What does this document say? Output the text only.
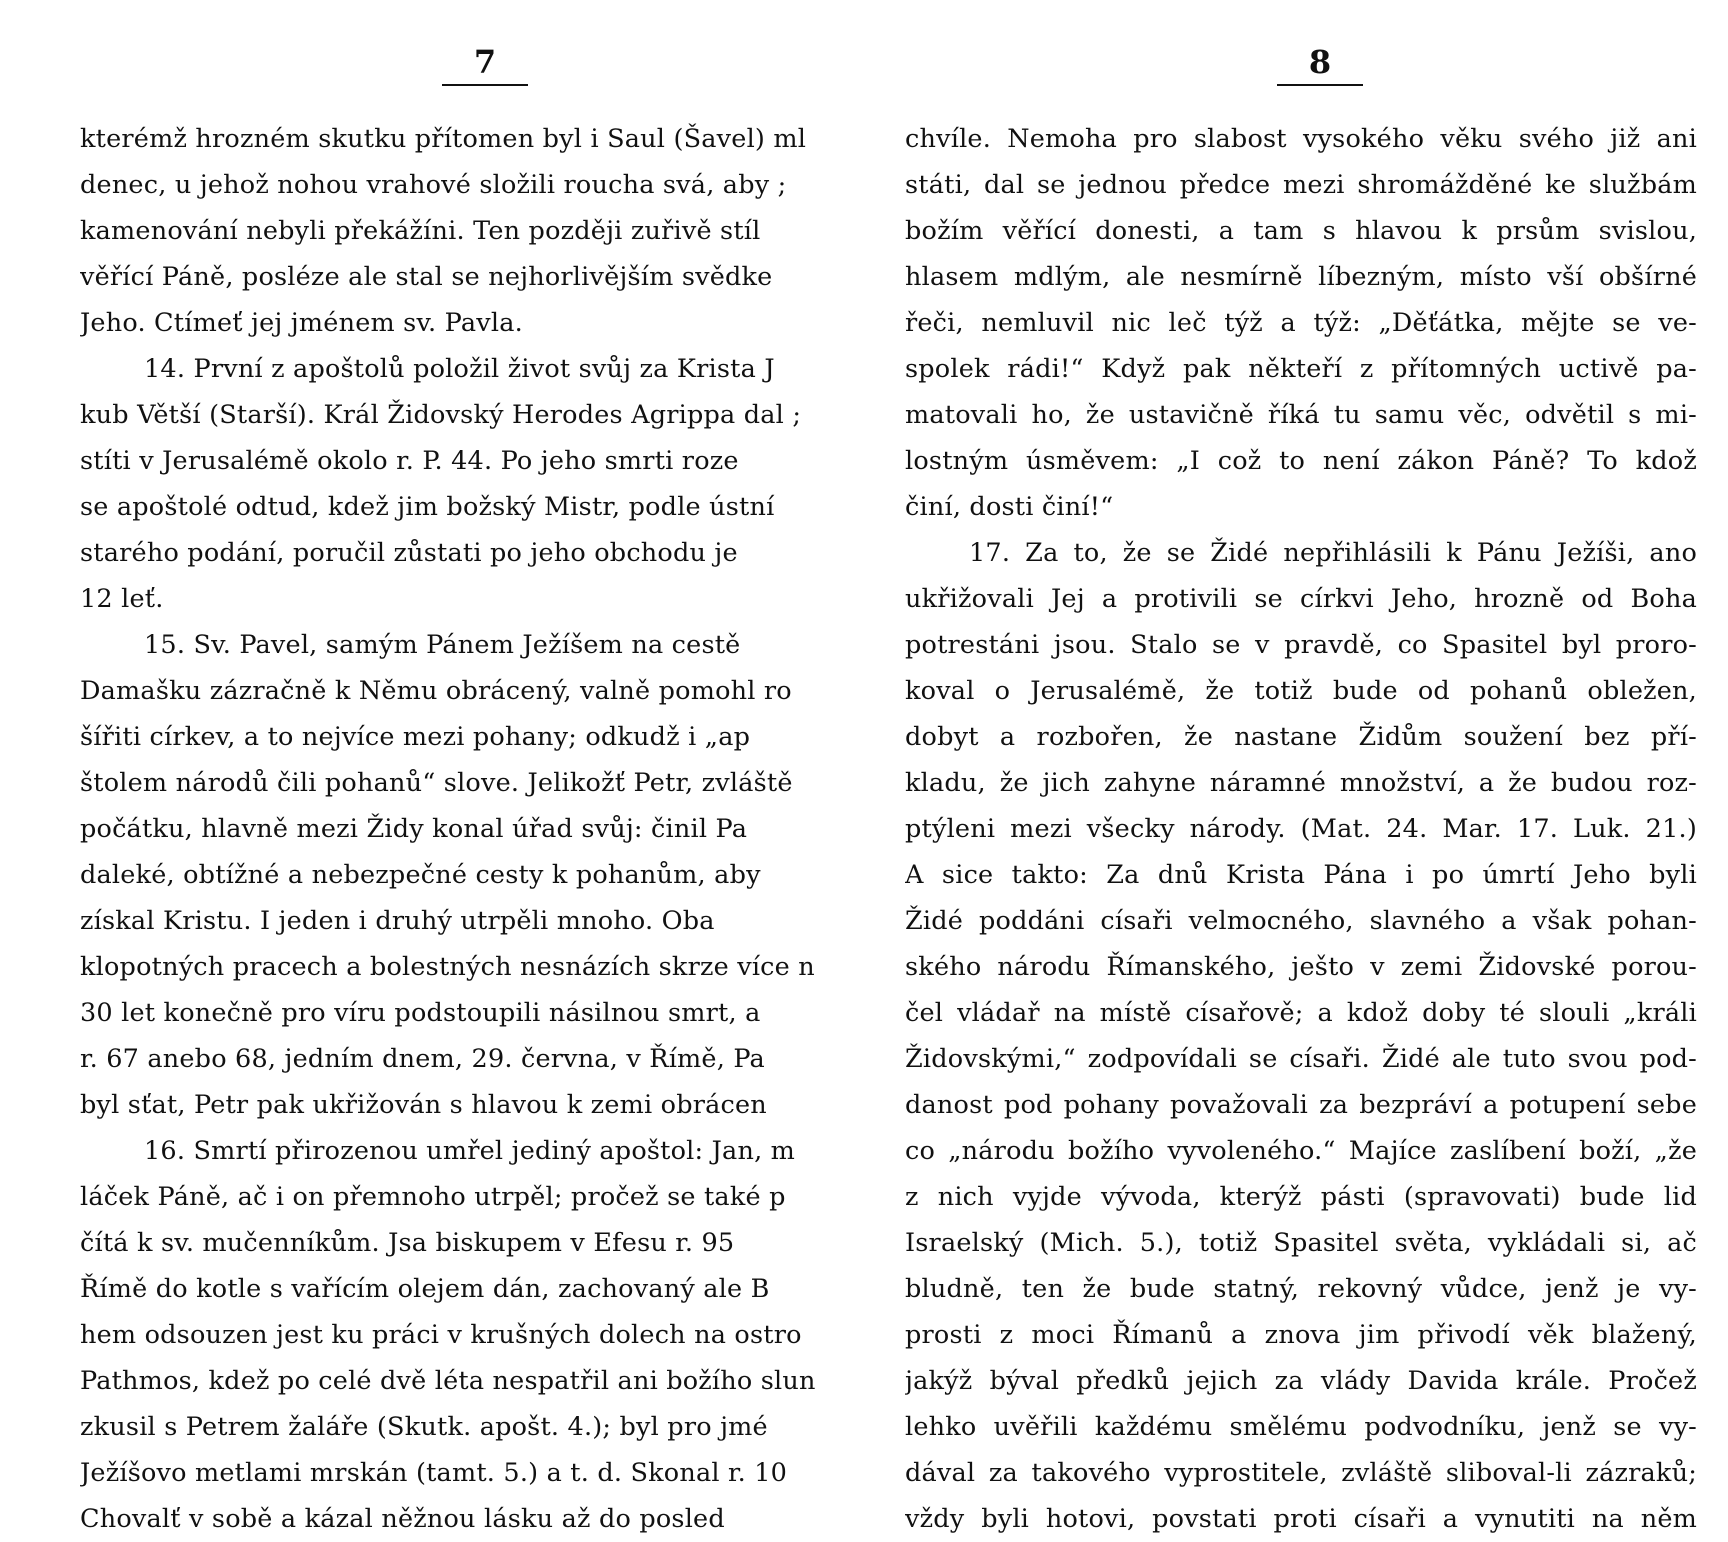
7
kterémž hrozném skutku přítomen byl i Saul (Šavel) ml
denec, u jehož nohou vrahové složili roucha svá, aby ;
kamenování nebyli překážíni. Ten později zuřivě stíl
věřící Páně, posléze ale stal se nejhorlivějším svědke
Jeho. Ctímeť jej jménem sv. Pavla.
14. První z apoštolů položil život svůj za Krista J
kub Větší (Starší). Král Židovský Herodes Agrippa dal ;
stíti v Jerusalémě okolo r. P. 44. Po jeho smrti roze
se apoštolé odtud, kdež jim božský Mistr, podle ústní
starého podání, poručil zůstati po jeho obchodu je
12 leť.
15. Sv. Pavel, samým Pánem Ježíšem na cestě
Damašku zázračně k Němu obrácený, valně pomohl ro
šířiti církev, a to nejvíce mezi pohany; odkudž i „ap
štolem národů čili pohanů“ slove. Jelikožť Petr, zvláště
počátku, hlavně mezi Židy konal úřad svůj: činil Pa
daleké, obtížné a nebezpečné cesty k pohanům, aby
získal Kristu. I jeden i druhý utrpěli mnoho. Oba
klopotných pracech a bolestných nesnázích skrze více n
30 let konečně pro víru podstoupili násilnou smrt, a
r. 67 anebo 68, jedním dnem, 29. června, v Římě, Pa
byl sťat, Petr pak ukřižován s hlavou k zemi obrácen
16. Smrtí přirozenou umřel jediný apoštol: Jan, m
láček Páně, ač i on přemnoho utrpěl; pročež se také p
čítá k sv. mučenníkům. Jsa biskupem v Efesu r. 95
Římě do kotle s vařícím olejem dán, zachovaný ale B
hem odsouzen jest ku práci v krušných dolech na ostro
Pathmos, kdež po celé dvě léta nespatřil ani božího slun
zkusil s Petrem žaláře (Skutk. apošt. 4.); byl pro jmé
Ježíšovo metlami mrskán (tamt. 5.) a t. d. Skonal r. 10
Chovalť v sobě a kázal něžnou lásku až do posled
8
chvíle. Nemoha pro slabost vysokého věku svého již ani
státi, dal se jednou předce mezi shromážděné ke službám
božím věřící donesti, a tam s hlavou k prsům svislou,
hlasem mdlým, ale nesmírně líbezným, místo vší obšírné
řeči, nemluvil nic leč týž a týž: „Děťátka, mějte se ve-
spolek rádi!“ Když pak někteří z přítomných uctivě pa-
matovali ho, že ustavičně říká tu samu věc, odvětil s mi-
lostným úsměvem: „I což to není zákon Páně? To kdož
činí, dosti činí!“
17. Za to, že se Židé nepřihlásili k Pánu Ježíši, ano
ukřižovali Jej a protivili se církvi Jeho, hrozně od Boha
potrestáni jsou. Stalo se v pravdě, co Spasitel byl proro-
koval o Jerusalémě, že totiž bude od pohanů obležen,
dobyt a rozbořen, že nastane Židům soužení bez pří-
kladu, že jich zahyne náramné množství, a že budou roz-
ptýleni mezi všecky národy. (Mat. 24. Mar. 17. Luk. 21.)
A sice takto: Za dnů Krista Pána i po úmrtí Jeho byli
Židé poddáni císaři velmocného, slavného a však pohan-
ského národu Římanského, ješto v zemi Židovské porou-
čel vládař na místě císařově; a kdož doby té slouli „králi
Židovskými,“ zodpovídali se císaři. Židé ale tuto svou pod-
danost pod pohany považovali za bezpráví a potupení sebe
co „národu božího vyvoleného.“ Majíce zaslíbení boží, „že
z nich vyjde vývoda, kterýž pásti (spravovati) bude lid
Israelský (Mich. 5.), totiž Spasitel světa, vykládali si, ač
bludně, ten že bude statný, rekovný vůdce, jenž je vy-
prosti z moci Římanů a znova jim přivodí věk blažený,
jakýž býval předků jejich za vlády Davida krále. Pročež
lehko uvěřili každému smělému podvodníku, jenž se vy-
dával za takového vyprostitele, zvláště sliboval-li zázraků;
vždy byli hotovi, povstati proti císaři a vynutiti na něm
